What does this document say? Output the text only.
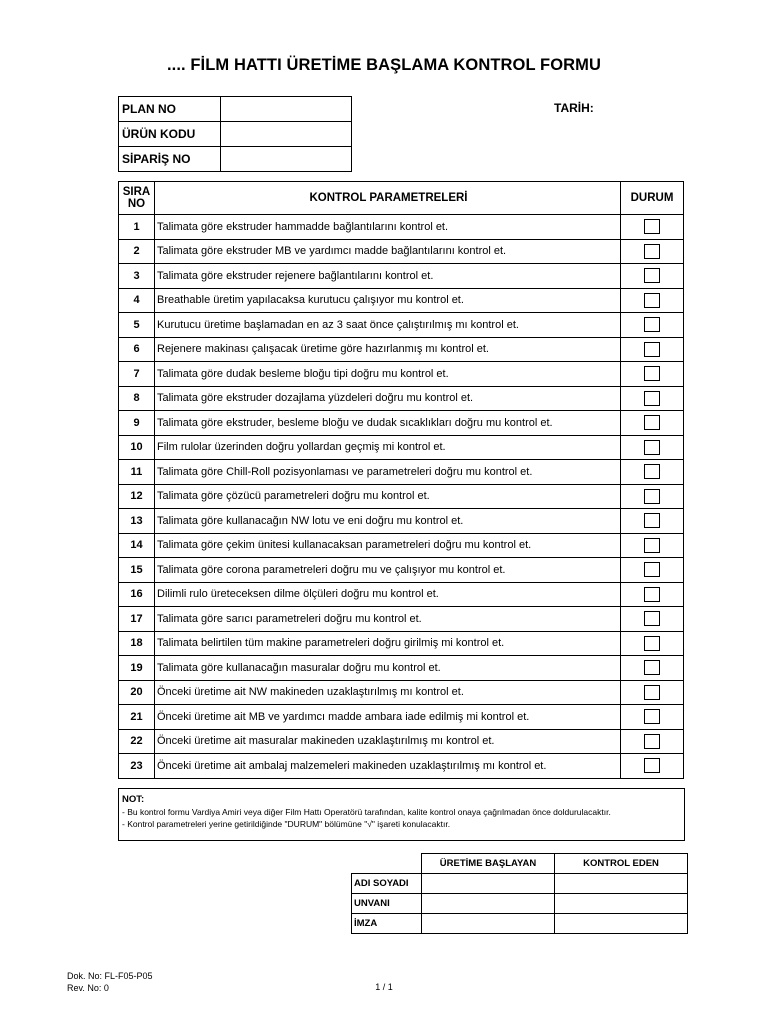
.... FİLM HATTI ÜRETİME BAŞLAMA KONTROL FORMU
PLAN NO	
ÜRÜN KODU	
SİPARİŞ NO	
TARİH:
SIRA
NO	KONTROL PARAMETRELERİ	DURUM
1	Talimata göre ekstruder hammadde bağlantılarını kontrol et.	
2	Talimata göre ekstruder MB ve yardımcı madde bağlantılarını kontrol et.	
3	Talimata göre ekstruder rejenere bağlantılarını kontrol et.	
4	Breathable üretim yapılacaksa kurutucu çalışıyor mu kontrol et.	
5	Kurutucu üretime başlamadan en az 3 saat önce çalıştırılmış mı kontrol et.	
6	Rejenere makinası çalışacak üretime göre hazırlanmış mı kontrol et.	
7	Talimata göre dudak besleme bloğu tipi doğru mu kontrol et.	
8	Talimata göre ekstruder dozajlama yüzdeleri doğru mu kontrol et.	
9	Talimata göre ekstruder, besleme bloğu ve dudak sıcaklıkları doğru mu kontrol et.	
10	Film rulolar üzerinden doğru yollardan geçmiş mi kontrol et.	
11	Talimata göre Chill-Roll pozisyonlaması ve parametreleri doğru mu kontrol et.	
12	Talimata göre çözücü parametreleri doğru mu kontrol et.	
13	Talimata göre kullanacağın NW lotu ve eni doğru mu kontrol et.	
14	Talimata göre çekim ünitesi kullanacaksan parametreleri doğru mu kontrol et.	
15	Talimata göre corona parametreleri doğru mu ve çalışıyor mu kontrol et.	
16	Dilimli rulo üreteceksen dilme ölçüleri doğru mu kontrol et.	
17	Talimata göre sarıcı parametreleri doğru mu kontrol et.	
18	Talimata belirtilen tüm makine parametreleri doğru girilmiş mi kontrol et.	
19	Talimata göre kullanacağın masuralar doğru mu kontrol et.	
20	Önceki üretime ait NW makineden uzaklaştırılmış mı kontrol et.	
21	Önceki üretime ait MB ve yardımcı madde ambara iade edilmiş mi kontrol et.	
22	Önceki üretime ait masuralar makineden uzaklaştırılmış mı kontrol et.	
23	Önceki üretime ait ambalaj malzemeleri makineden uzaklaştırılmış mı kontrol et.	
NOT:
- Bu kontrol formu Vardiya Amiri veya diğer Film Hattı Operatörü tarafından, kalite kontrol onaya çağrılmadan önce doldurulacaktır.
- Kontrol parametreleri yerine getirildiğinde "DURUM" bölümüne "√" işareti konulacaktır.
	ÜRETİME BAŞLAYAN	KONTROL EDEN
ADI SOYADI		
UNVANI		
İMZA		
Dok. No: FL-F05-P05
Rev. No: 0	1 / 1
